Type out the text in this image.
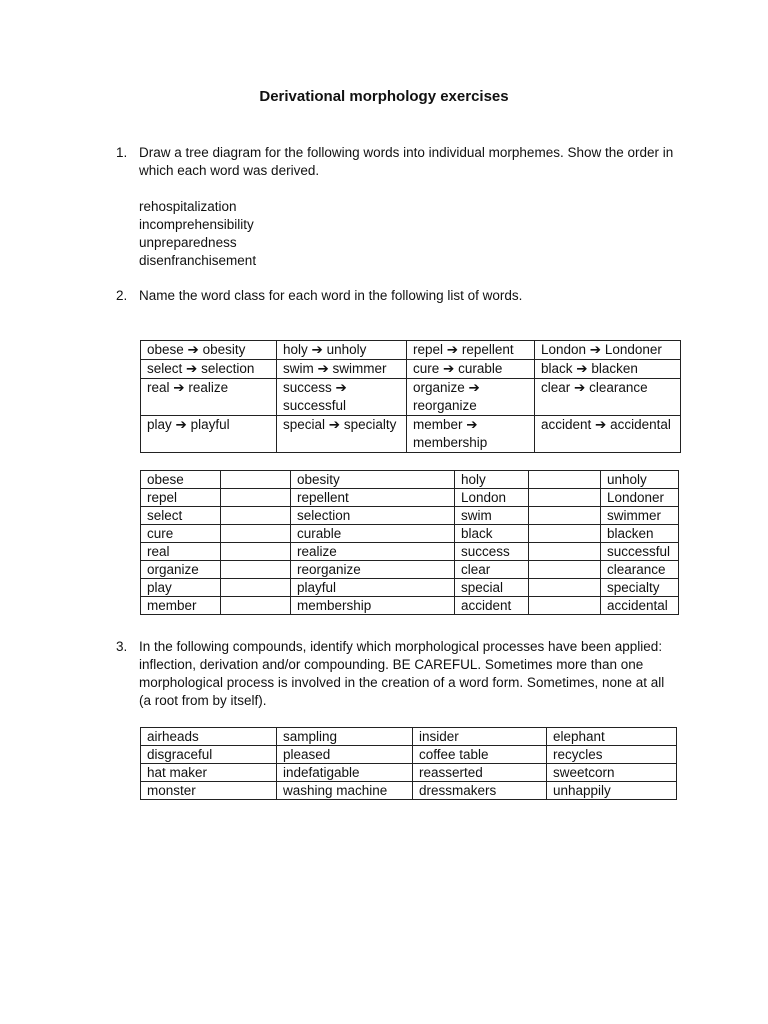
Derivational morphology exercises
1. Draw a tree diagram for the following words into individual morphemes. Show the order in which each word was derived.
rehospitalization
incomprehensibility
unpreparedness
disenfranchisement
2. Name the word class for each word in the following list of words.
obese ➔ obesity	holy ➔ unholy	repel ➔ repellent	London ➔ Londoner
select ➔ selection	swim ➔ swimmer	cure ➔ curable	black ➔ blacken
real ➔ realize	success ➔ successful	organize ➔ reorganize	clear ➔ clearance
play ➔ playful	special ➔ specialty	member ➔ membership	accident ➔ accidental
obese		obesity	holy		unholy
repel		repellent	London		Londoner
select		selection	swim		swimmer
cure		curable	black		blacken
real		realize	success		successful
organize		reorganize	clear		clearance
play		playful	special		specialty
member		membership	accident		accidental
3. In the following compounds, identify which morphological processes have been applied: inflection, derivation and/or compounding. BE CAREFUL. Sometimes more than one morphological process is involved in the creation of a word form. Sometimes, none at all (a root from by itself).
airheads	sampling	insider	elephant
disgraceful	pleased	coffee table	recycles
hat maker	indefatigable	reasserted	sweetcorn
monster	washing machine	dressmakers	unhappily
